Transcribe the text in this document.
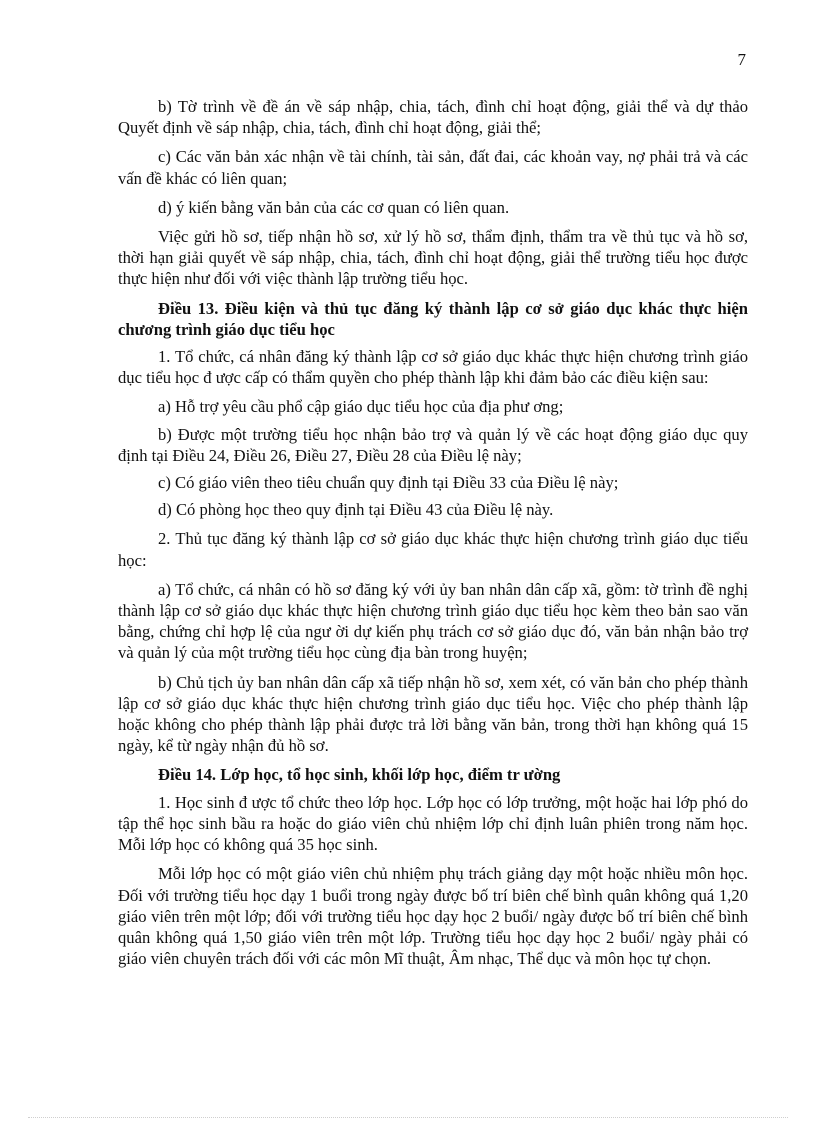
7

b) Tờ trình về đề án về sáp nhập, chia, tách, đình chỉ hoạt động, giải thể và dự thảo Quyết định về sáp nhập, chia, tách, đình chỉ hoạt động, giải thể;

c) Các văn bản xác nhận về tài chính, tài sản, đất đai, các khoản vay, nợ phải trả và các vấn đề khác có liên quan;

d) ý kiến bằng văn bản của các cơ quan có liên quan.

Việc gửi hồ sơ, tiếp nhận hồ sơ, xử lý hồ sơ, thẩm định, thẩm tra về thủ tục và hồ sơ, thời hạn giải quyết về sáp nhập, chia, tách, đình chỉ hoạt động, giải thể trường tiểu học được thực hiện như đối với việc thành lập trường tiểu học.

Điều 13. Điều kiện và thủ tục đăng ký thành lập cơ sở giáo dục khác thực hiện chương trình giáo dục tiểu học

1. Tổ chức, cá nhân đăng ký thành lập cơ sở giáo dục khác thực hiện chương trình giáo dục tiểu học đ ược cấp có thẩm quyền cho phép thành lập khi đảm bảo các điều kiện sau:

a) Hỗ trợ yêu cầu phổ cập giáo dục tiểu học của địa phư ơng;

b) Được một trường tiểu học nhận bảo trợ và quản lý về các hoạt động giáo dục quy định tại Điều 24, Điều 26, Điều 27, Điều 28 của Điều lệ này;

c) Có giáo viên theo tiêu chuẩn quy định tại Điều 33 của Điều lệ này;

d) Có phòng học theo quy định tại Điều 43 của Điều lệ này.

2. Thủ tục đăng ký thành lập cơ sở giáo dục khác thực hiện chương trình giáo dục tiểu học:

a) Tổ chức, cá nhân có hồ sơ đăng ký với ủy ban nhân dân cấp xã, gồm: tờ trình đề nghị thành lập cơ sở giáo dục khác thực hiện chương trình giáo dục tiểu học kèm theo bản sao văn bằng, chứng chỉ hợp lệ của ngư ời dự kiến phụ trách cơ sở giáo dục đó, văn bản nhận bảo trợ và quản lý của một trường tiểu học cùng địa bàn trong huyện;

b) Chủ tịch ủy ban nhân dân cấp xã tiếp nhận hồ sơ, xem xét, có văn bản cho phép thành lập cơ sở giáo dục khác thực hiện chương trình giáo dục tiểu học. Việc cho phép thành lập hoặc không cho phép thành lập phải được trả lời bằng văn bản, trong thời hạn không quá 15 ngày, kể từ ngày nhận đủ hồ sơ.

Điều 14. Lớp học, tổ học sinh, khối lớp học, điểm tr ường

1. Học sinh đ ược tổ chức theo lớp học. Lớp học có lớp trưởng, một hoặc hai lớp phó do tập thể học sinh bầu ra hoặc do giáo viên chủ nhiệm lớp chỉ định luân phiên trong năm học. Mỗi lớp học có không quá 35 học sinh.

Mỗi lớp học có một giáo viên chủ nhiệm phụ trách giảng dạy một hoặc nhiều môn học. Đối với trường tiểu học dạy 1 buổi trong ngày được bố trí biên chế bình quân không quá 1,20 giáo viên trên một lớp; đối với trường tiểu học dạy học 2 buổi/ ngày được bố trí biên chế bình quân không quá 1,50 giáo viên trên một lớp. Trường tiểu học dạy học 2 buổi/ ngày phải có giáo viên chuyên trách đối với các môn Mĩ thuật, Âm nhạc, Thể dục và môn học tự chọn.
